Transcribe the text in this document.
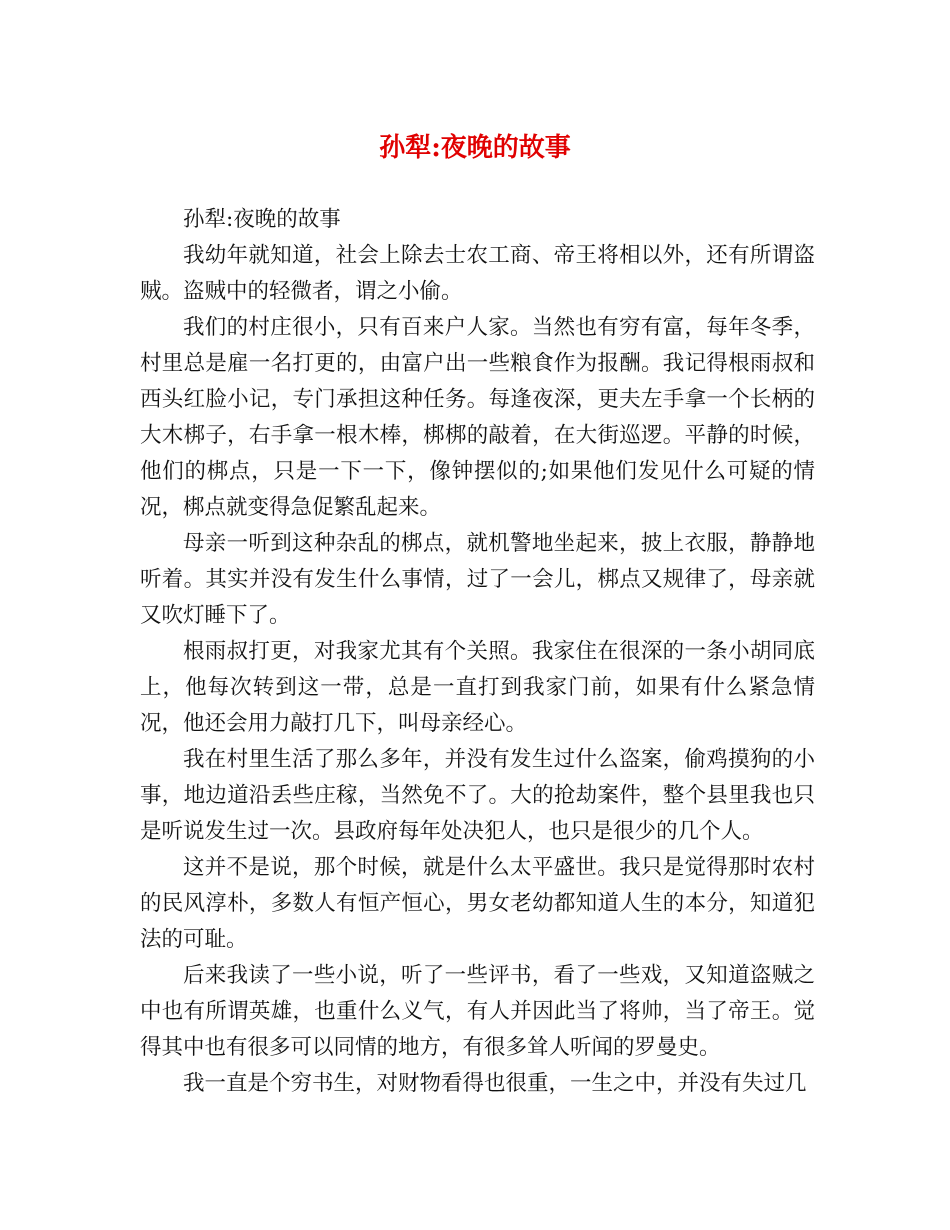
孙犁:夜晚的故事

孙犁:夜晚的故事

我幼年就知道，社会上除去士农工商、帝王将相以外，还有所谓盗贼。盗贼中的轻微者，谓之小偷。

我们的村庄很小，只有百来户人家。当然也有穷有富，每年冬季，村里总是雇一名打更的，由富户出一些粮食作为报酬。我记得根雨叔和西头红脸小记，专门承担这种任务。每逢夜深，更夫左手拿一个长柄的大木梆子，右手拿一根木棒，梆梆的敲着，在大街巡逻。平静的时候，他们的梆点，只是一下一下，像钟摆似的;如果他们发见什么可疑的情况，梆点就变得急促繁乱起来。

母亲一听到这种杂乱的梆点，就机警地坐起来，披上衣服，静静地听着。其实并没有发生什么事情，过了一会儿，梆点又规律了，母亲就又吹灯睡下了。

根雨叔打更，对我家尤其有个关照。我家住在很深的一条小胡同底上，他每次转到这一带，总是一直打到我家门前，如果有什么紧急情况，他还会用力敲打几下，叫母亲经心。

我在村里生活了那么多年，并没有发生过什么盗案，偷鸡摸狗的小事，地边道沿丢些庄稼，当然免不了。大的抢劫案件，整个县里我也只是听说发生过一次。县政府每年处决犯人，也只是很少的几个人。

这并不是说，那个时候，就是什么太平盛世。我只是觉得那时农村的民风淳朴，多数人有恒产恒心，男女老幼都知道人生的本分，知道犯法的可耻。

后来我读了一些小说，听了一些评书，看了一些戏，又知道盗贼之中也有所谓英雄，也重什么义气，有人并因此当了将帅，当了帝王。觉得其中也有很多可以同情的地方，有很多耸人听闻的罗曼史。

我一直是个穷书生，对财物看得也很重，一生之中，并没有失过几
